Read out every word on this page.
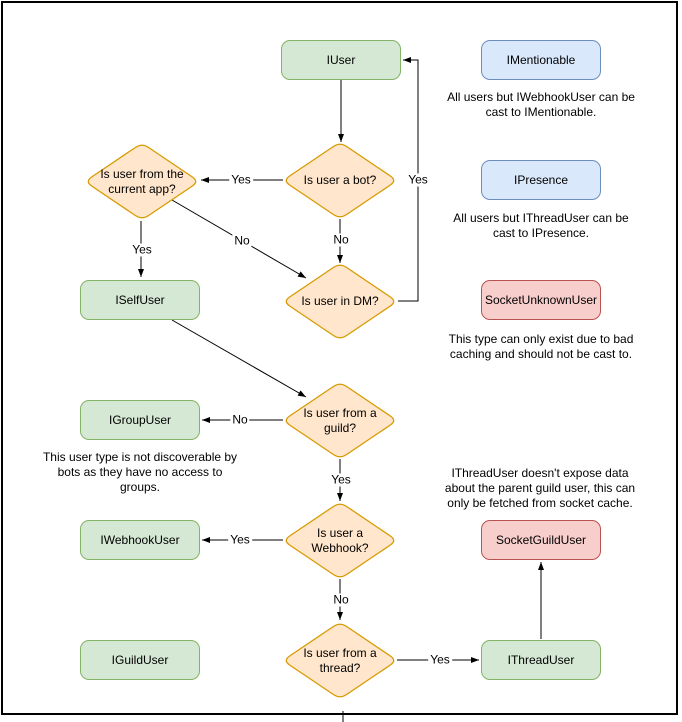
Is user a bot?
Is user from the
current app?
Is user in DM?
Is user from a
guild?
Is user a
Webhook?
Is user from a
thread?
IUser	IMentionable
IPresence
ISelfUser	SocketUnknownUser
IGroupUser
IWebhookUser	SocketGuildUser
IGuildUser	IThreadUser
Yes
No
Yes
No
Yes
No
Yes
Yes
No
Yes
All users but IWebhookUser can be
cast to IMentionable.
All users but IThreadUser can be
cast to IPresence.
This type can only exist due to bad
caching and should not be cast to.
This user type is not discoverable by
bots as they have no access to
groups.
IThreadUser doesn't expose data
about the parent guild user, this can
only be fetched from socket cache.
